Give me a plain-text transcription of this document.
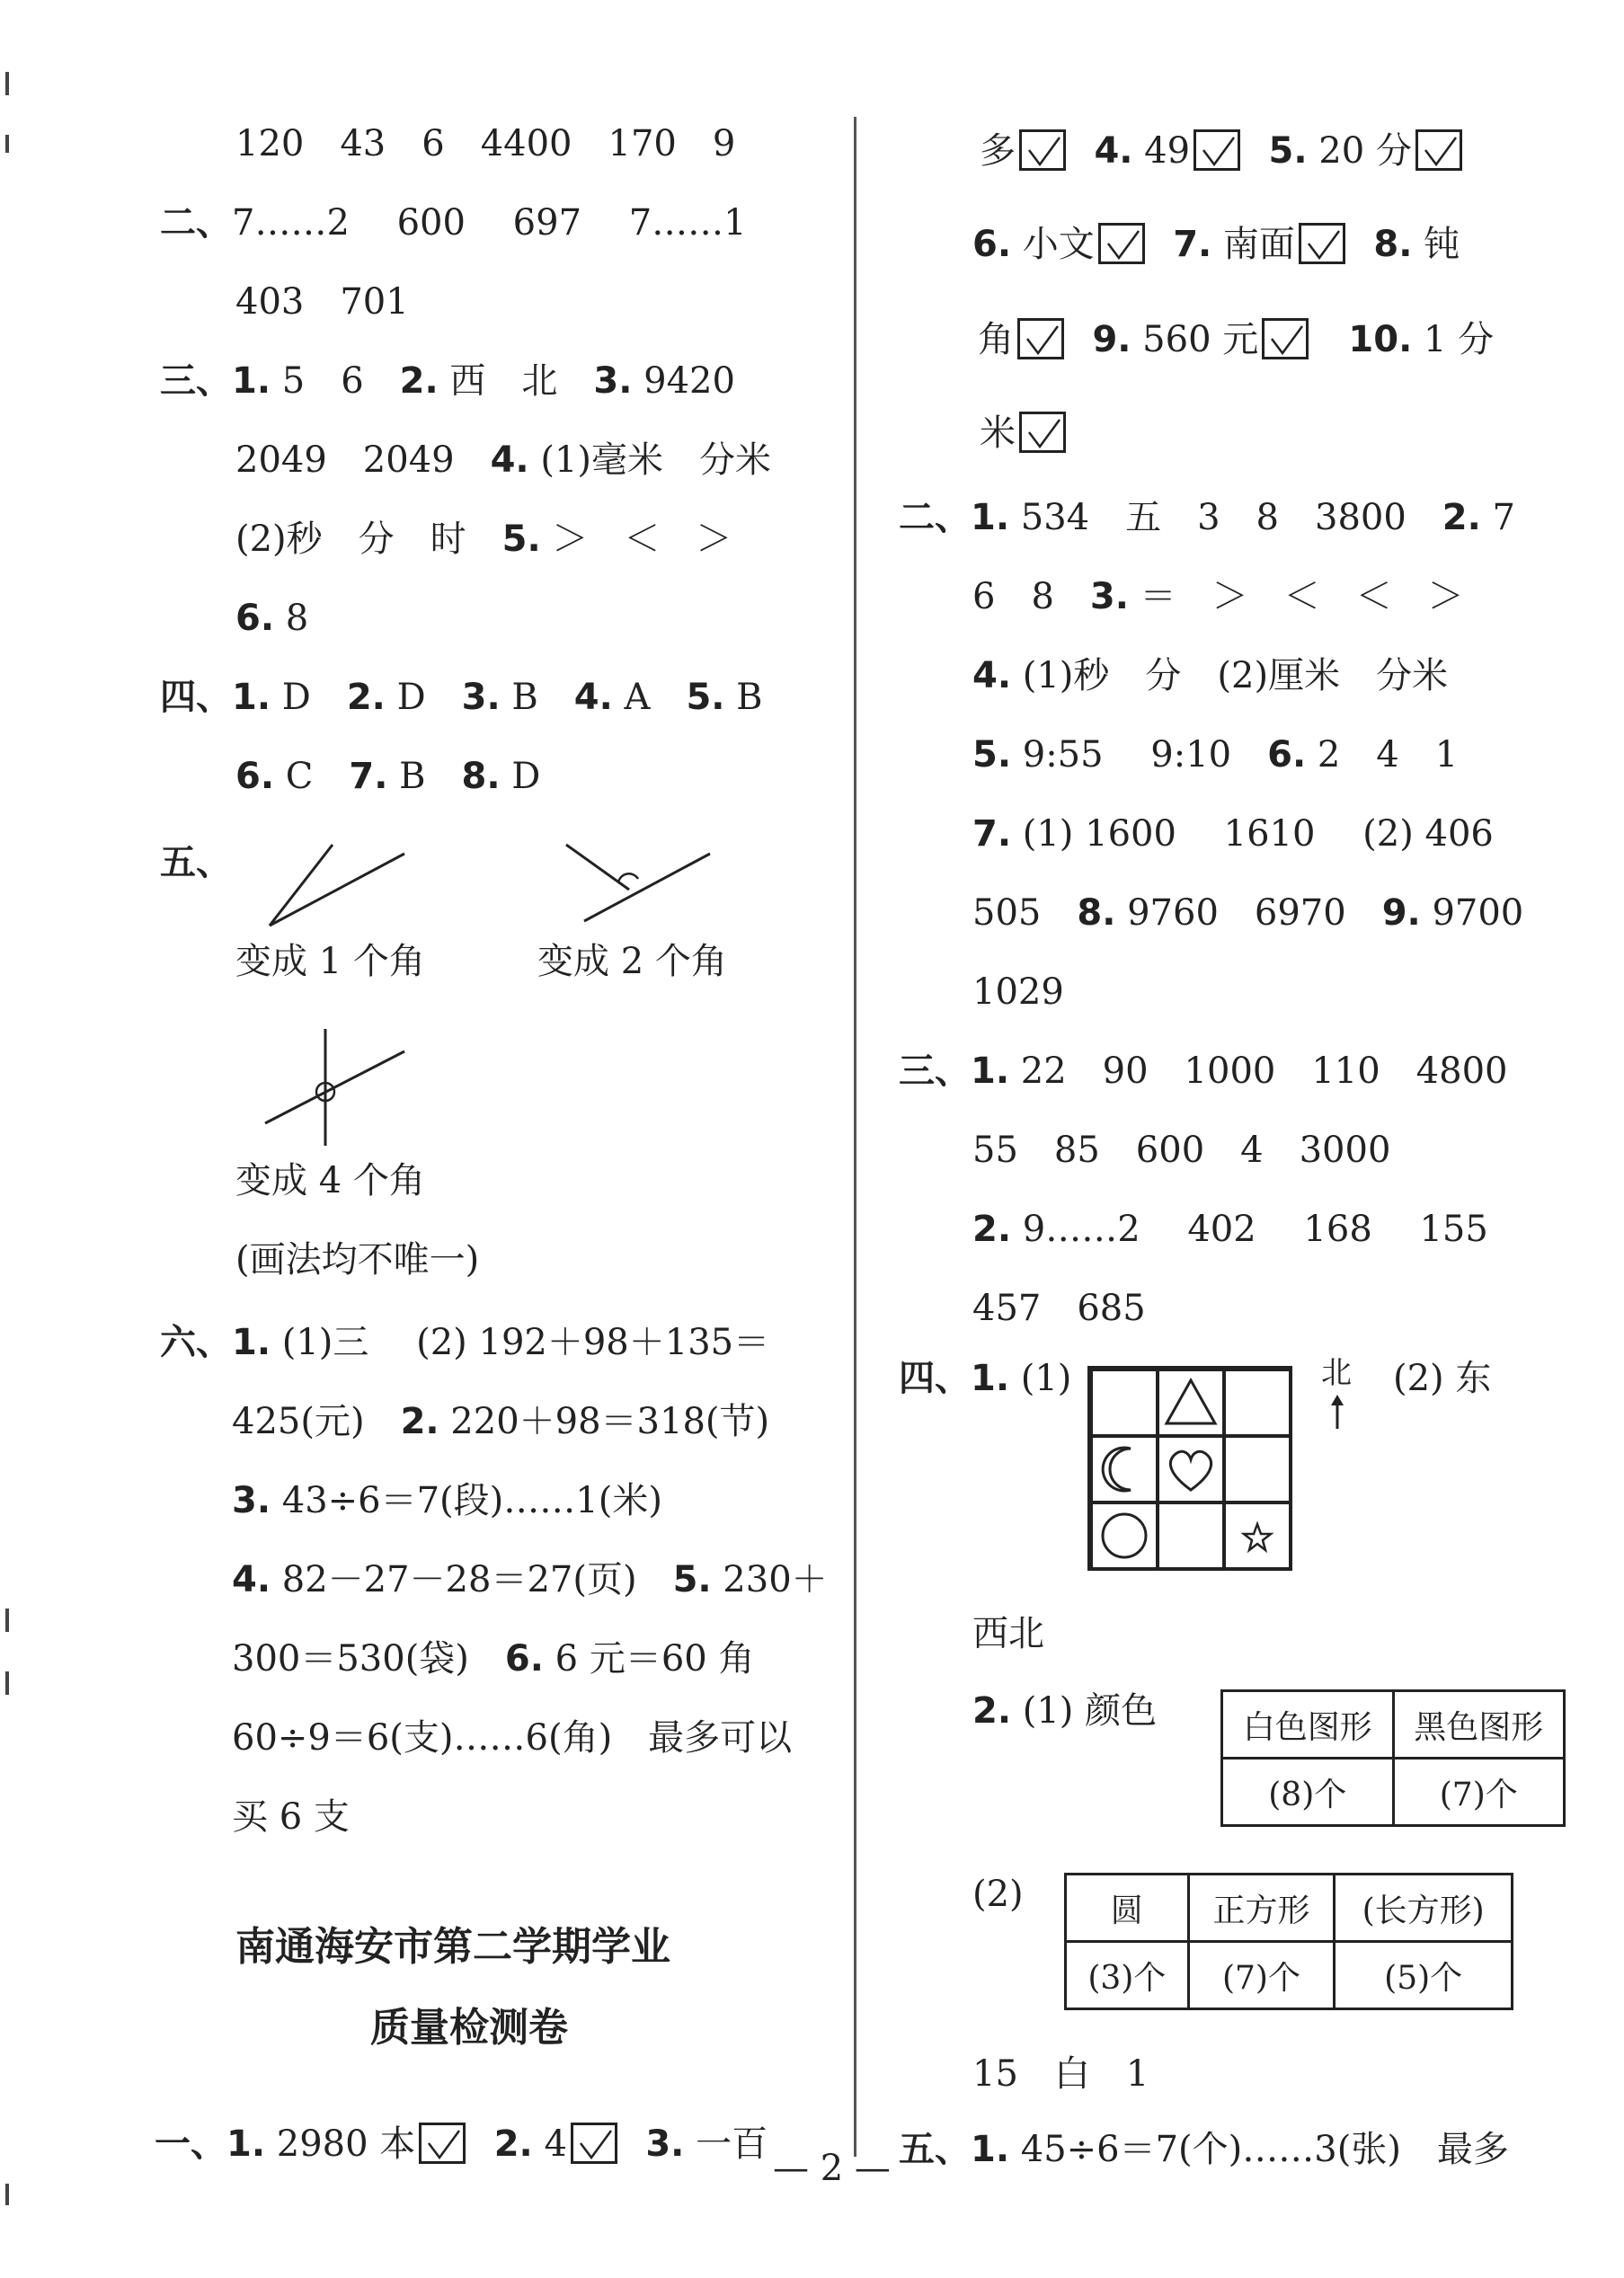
120　43　6　4400　170　9
二、7……2　 600　 697　 7……1
403　701
三、1. 5　6　2. 西　北　3. 9420
2049　2049　4. (1)毫米　分米
(2)秒　分　时　5. ＞　＜　＞
6. 8
四、1. D　2. D　3. B　4. A　5. B
6. C　7. B　8. D
五、
变成 1 个角	变成 2 个角
变成 4 个角
(画法均不唯一)
六、1. (1)三　 (2) 192＋98＋135＝
425(元)　2. 220＋98＝318(节)
3. 43÷6＝7(段)……1(米)
4. 82－27－28＝27(页)　5. 230＋
300＝530(袋)　6. 6 元＝60 角
60÷9＝6(支)……6(角)　最多可以
买 6 支
南通海安市第二学期学业
质量检测卷
一、1. 2980 本 2. 4 3. 一百
多 4. 49 5. 20 分
6. 小文 7. 南面 8. 钝
角 9. 560 元	10. 1 分
米
二、1. 534　五　3　8　3800　2. 7
6　8　3. ＝　＞　＜　＜　＞
4. (1)秒　分　(2)厘米　分米
5. 9:55　 9:10　6. 2　4　1
7. (1) 1600　 1610　 (2) 406
505　8. 9760　6970　9. 9700
1029
三、1. 22　90　1000　110　4800
55　85　600　4　3000
2. 9……2　 402　 168　 155
457　685
四、1. (1)	北 (2) 东
西北
2. (1) 颜色	白色图形	黑色图形
(8)个	(7)个
(2)	圆	正方形	(长方形)
(3)个	(7)个	(5)个
15　白　1
五、1. 45÷6＝7(个)……3(张)　最多
— 2 —
